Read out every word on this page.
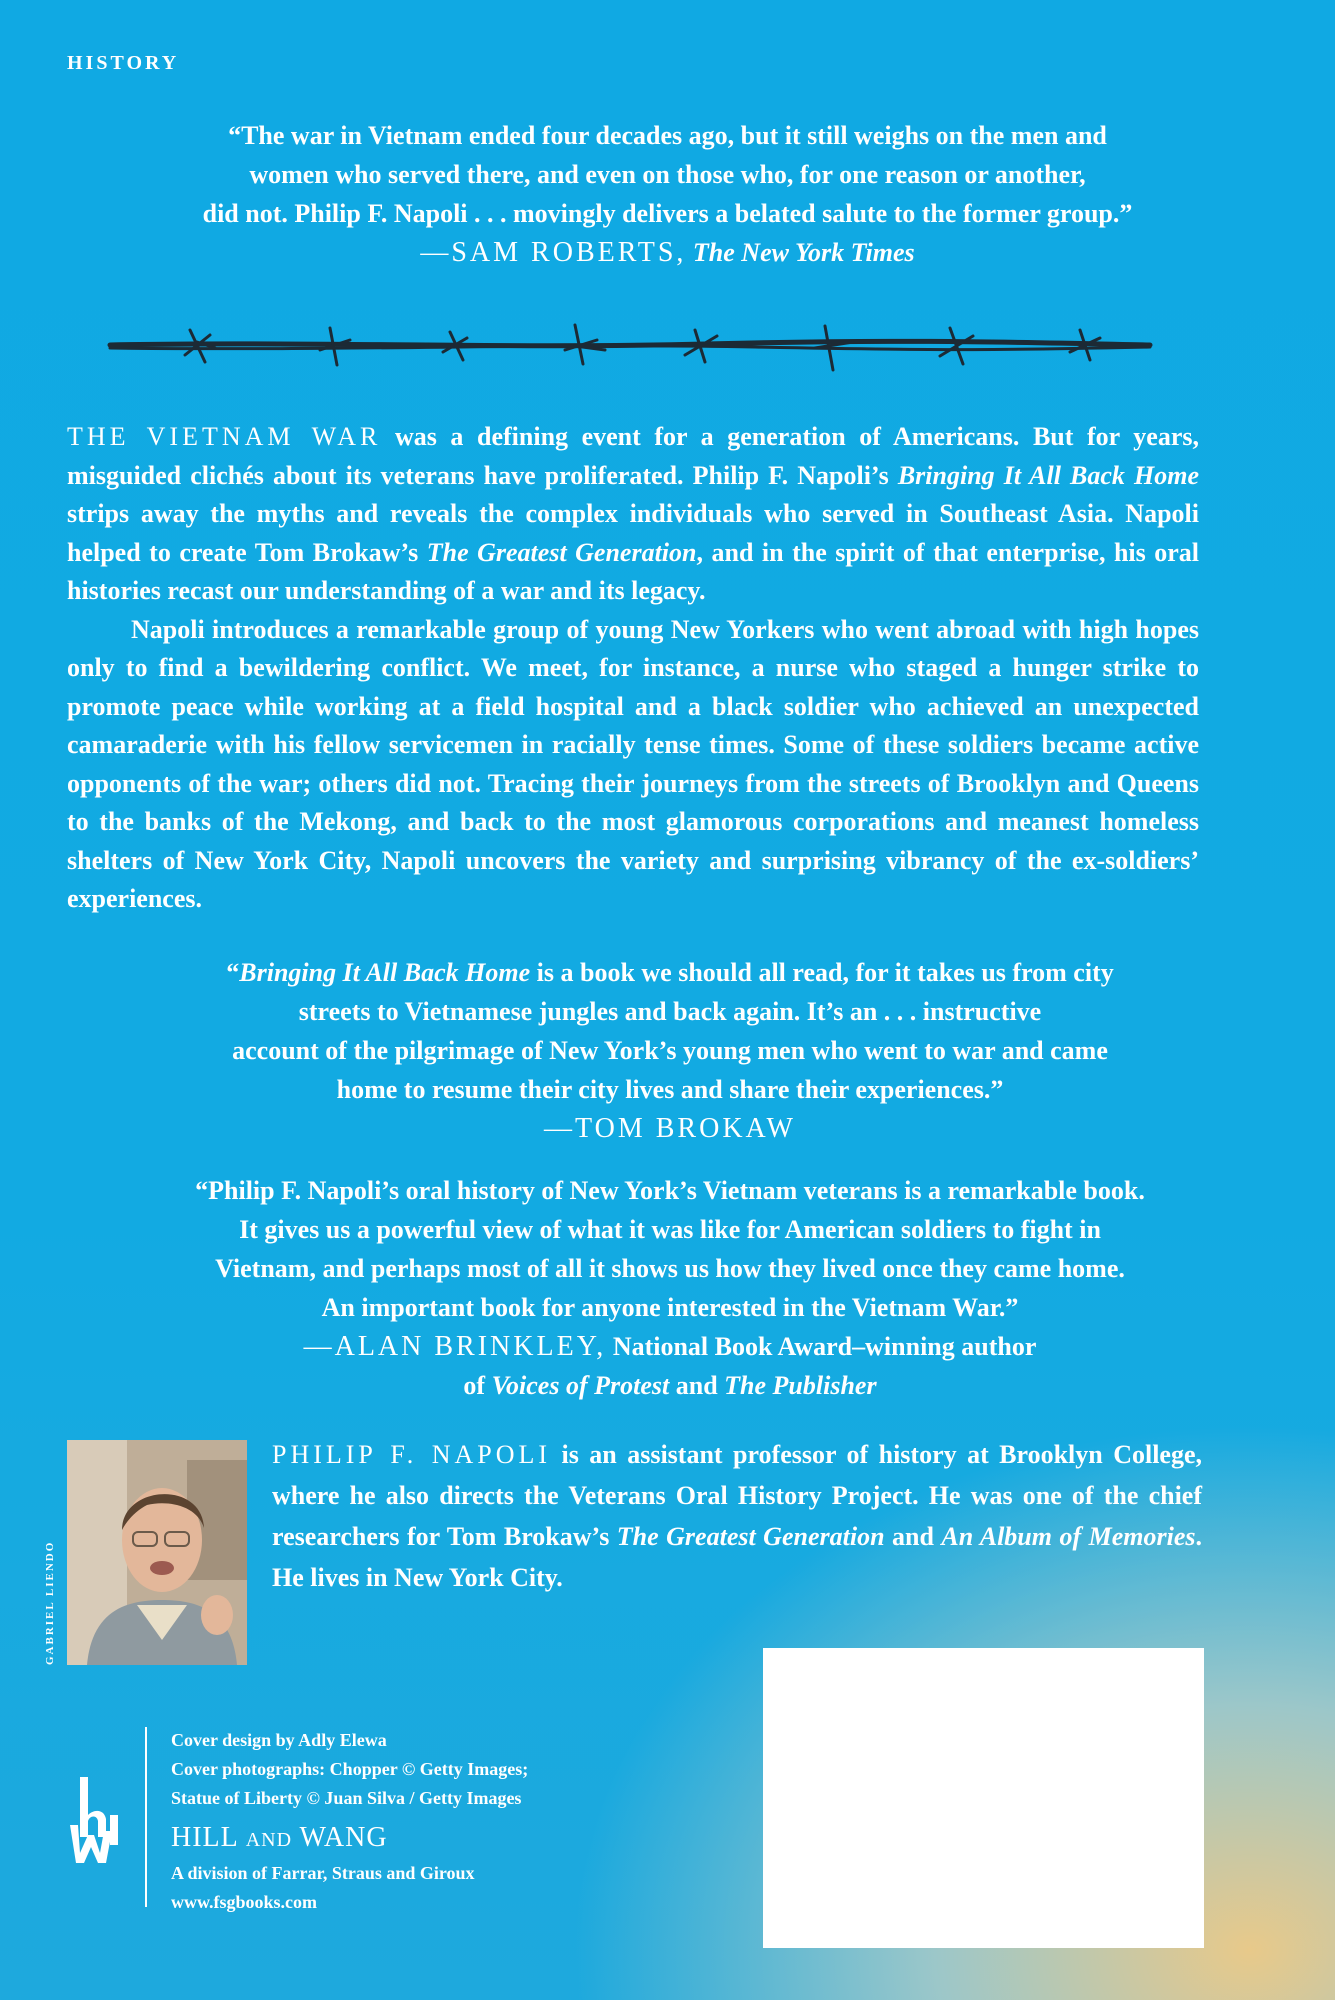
HISTORY
“The war in Vietnam ended four decades ago, but it still weighs on the men and
women who served there, and even on those who, for one reason or another,
did not. Philip F. Napoli . . . movingly delivers a belated salute to the former group.”
—SAM ROBERTS, The New York Times

THE VIETNAM WAR was a defining event for a generation of Americans. But for years, misguided clichés about its veterans have proliferated. Philip F. Napoli’s Bringing It All Back Home strips away the myths and reveals the complex individuals who served in Southeast Asia. Napoli helped to create Tom Brokaw’s The Greatest Generation, and in the spirit of that enterprise, his oral histories recast our understanding of a war and its legacy.

Napoli introduces a remarkable group of young New Yorkers who went abroad with high hopes only to find a bewildering conflict. We meet, for instance, a nurse who staged a hunger strike to promote peace while working at a field hospital and a black soldier who achieved an unexpected camaraderie with his fellow servicemen in racially tense times. Some of these soldiers became active opponents of the war; others did not. Tracing their journeys from the streets of Brooklyn and Queens to the banks of the Mekong, and back to the most glamorous corporations and meanest homeless shelters of New York City, Napoli uncovers the variety and surprising vibrancy of the ex-soldiers’ experiences.

“Bringing It All Back Home is a book we should all read, for it takes us from city
streets to Vietnamese jungles and back again. It’s an . . . instructive
account of the pilgrimage of New York’s young men who went to war and came
home to resume their city lives and share their experiences.”
—TOM BROKAW
“Philip F. Napoli’s oral history of New York’s Vietnam veterans is a remarkable book.
It gives us a powerful view of what it was like for American soldiers to fight in
Vietnam, and perhaps most of all it shows us how they lived once they came home.
An important book for anyone interested in the Vietnam War.”
—ALAN BRINKLEY, National Book Award–winning author
of Voices of Protest and The Publisher
GABRIEL LIENDO
PHILIP F. NAPOLI is an assistant professor of history at Brooklyn College, where he also directs the Veterans Oral History Project. He was one of the chief researchers for Tom Brokaw’s The Greatest Generation and An Album of Memories. He lives in New York City.
Cover design by Adly Elewa
Cover photographs: Chopper © Getty Images;
Statue of Liberty © Juan Silva / Getty Images
HILL AND WANG
A division of Farrar, Straus and Giroux
www.fsgbooks.com
